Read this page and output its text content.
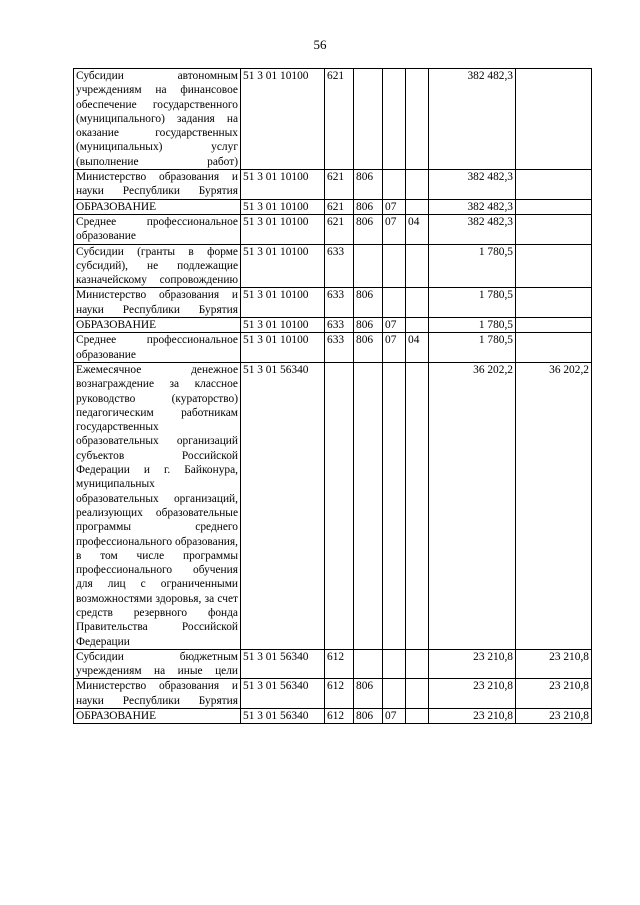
56
Субсидии автономным учреждениям на финансовое обеспечение государственного (муниципального) задания на оказание государственных (муниципальных) услуг (выполнение работ)	51 3 01 10100	621				382 482,3	
Министерство образования и науки Республики Бурятия	51 3 01 10100	621	806			382 482,3	
ОБРАЗОВАНИЕ	51 3 01 10100	621	806	07		382 482,3	
Среднее профессиональное образование	51 3 01 10100	621	806	07	04	382 482,3	
Субсидии (гранты в форме субсидий), не подлежащие казначейскому сопровождению	51 3 01 10100	633				1 780,5	
Министерство образования и науки Республики Бурятия	51 3 01 10100	633	806			1 780,5	
ОБРАЗОВАНИЕ	51 3 01 10100	633	806	07		1 780,5	
Среднее профессиональное образование	51 3 01 10100	633	806	07	04	1 780,5	
Ежемесячное денежное вознаграждение за классное руководство (кураторство) педагогическим работникам государственных образовательных организаций субъектов Российской Федерации и г. Байконура, муниципальных образовательных организаций, реализующих образовательные программы среднего профессионального образования, в том числе программы профессионального обучения для лиц с ограниченными возможностями здоровья, за счет средств резервного фонда Правительства Российской Федерации	51 3 01 56340					36 202,2	36 202,2
Субсидии бюджетным учреждениям на иные цели	51 3 01 56340	612				23 210,8	23 210,8
Министерство образования и науки Республики Бурятия	51 3 01 56340	612	806			23 210,8	23 210,8
ОБРАЗОВАНИЕ	51 3 01 56340	612	806	07		23 210,8	23 210,8
